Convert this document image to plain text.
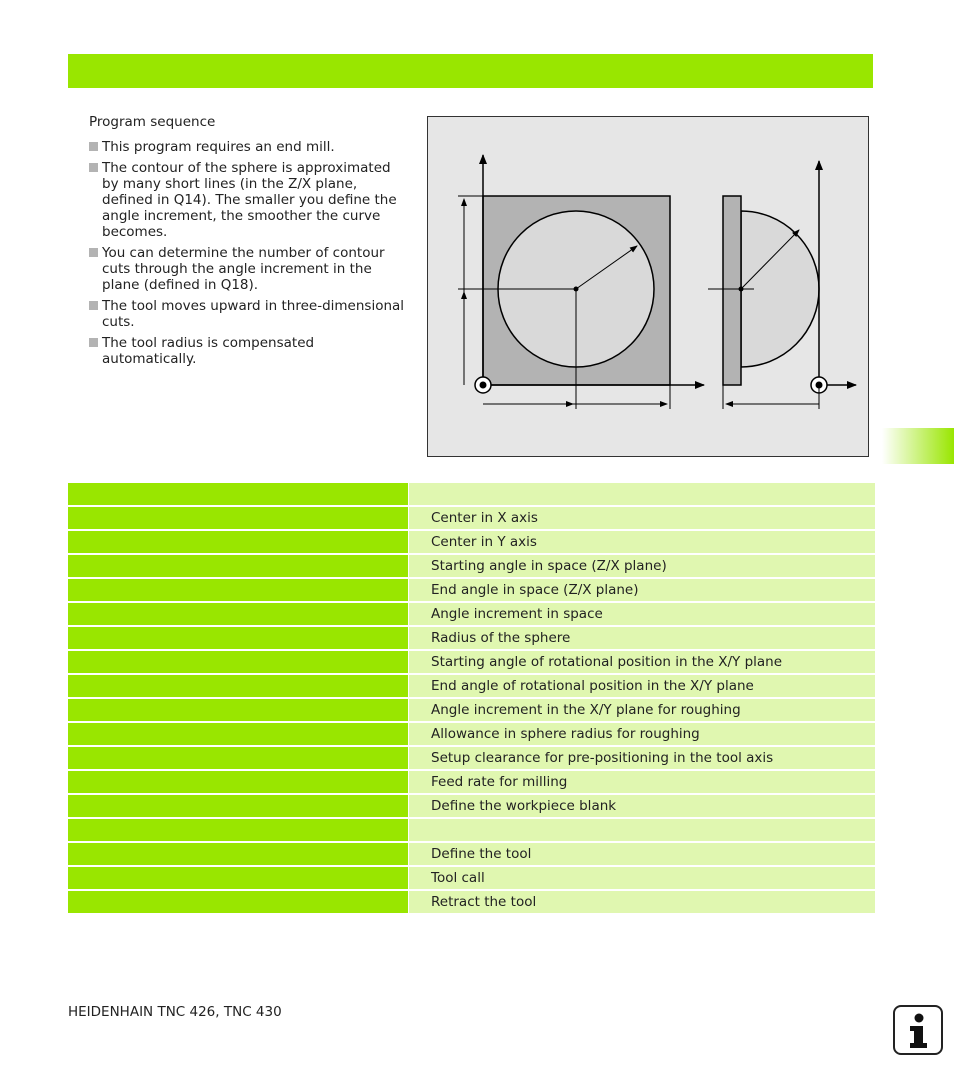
Program sequence
This program requires an end mill.
The contour of the sphere is approximated by many short lines (in the Z/X plane, defined in Q14). The smaller you define the angle increment, the smoother the curve becomes.
You can determine the number of contour cuts through the angle increment in the plane (defined in Q18).
The tool moves upward in three-dimensional cuts.
The tool radius is compensated automatically.
Center in X axis
Center in Y axis
Starting angle in space (Z/X plane)
End angle in space (Z/X plane)
Angle increment in space
Radius of the sphere
Starting angle of rotational position in the X/Y plane
End angle of rotational position in the X/Y plane
Angle increment in the X/Y plane for roughing
Allowance in sphere radius for roughing
Setup clearance for pre-positioning in the tool axis
Feed rate for milling
Define the workpiece blank
Define the tool
Tool call
Retract the tool
HEIDENHAIN TNC 426, TNC 430
